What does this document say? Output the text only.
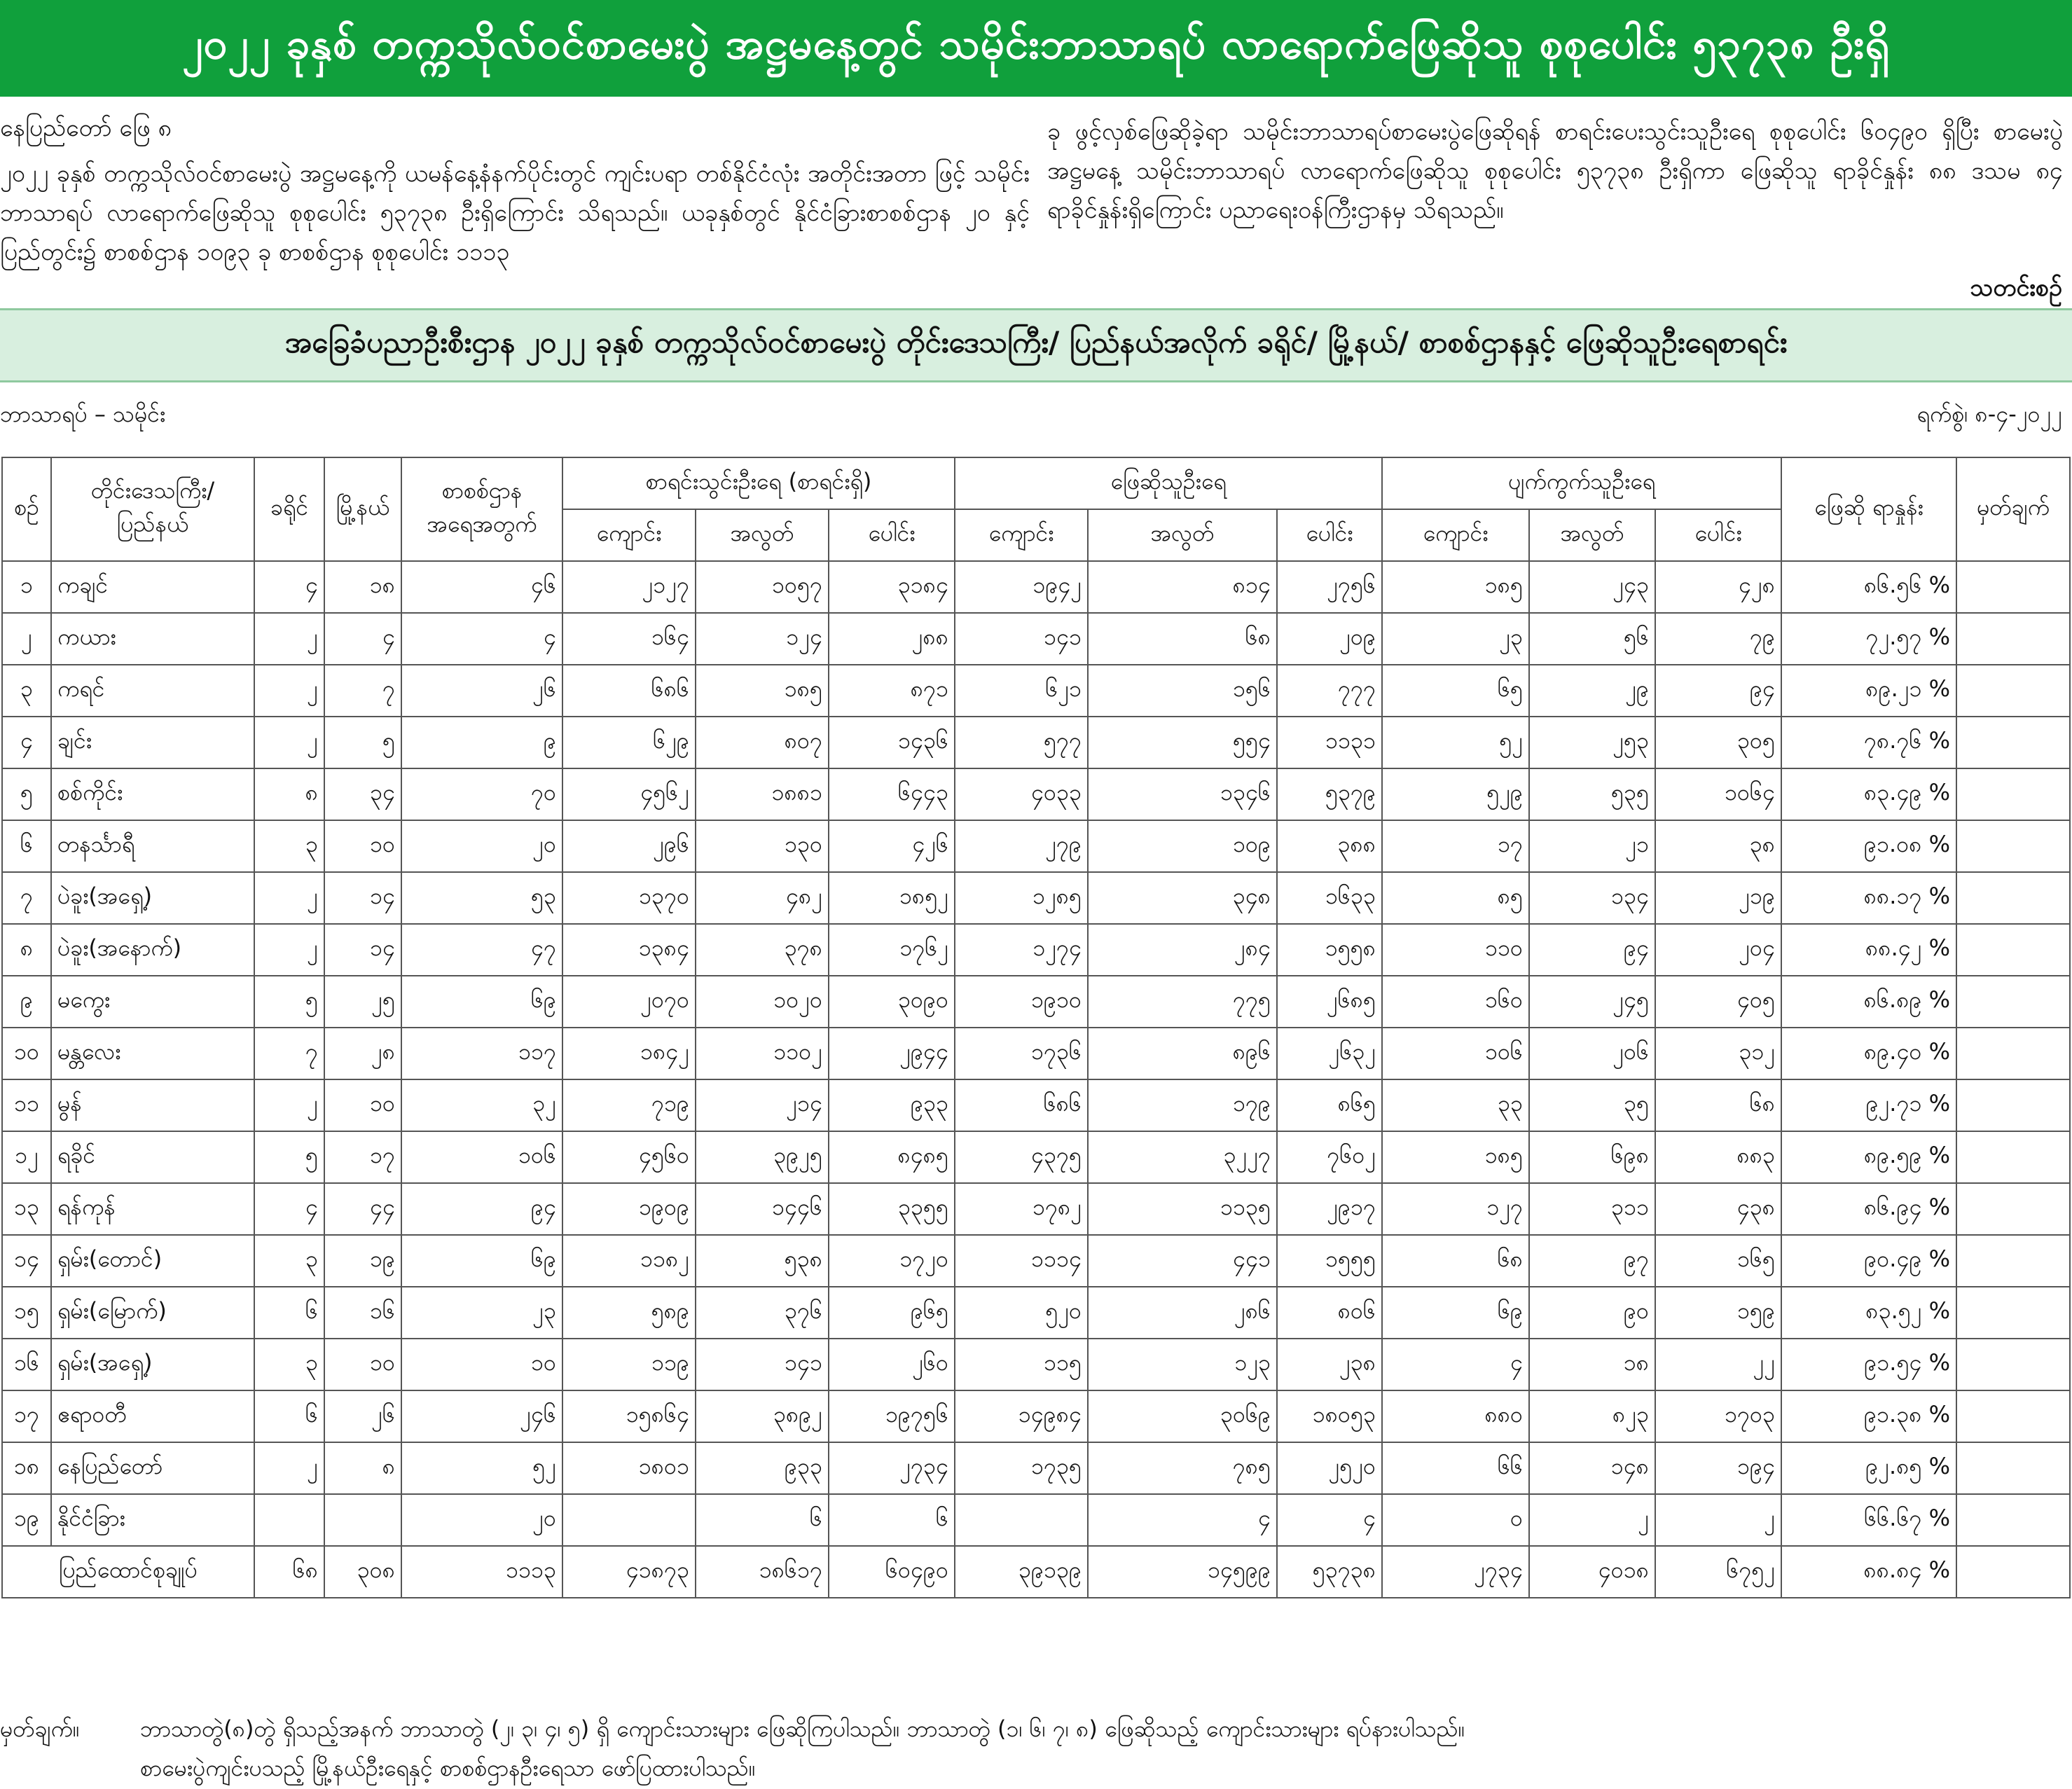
၂၀၂၂ ခုနှစ် တက္ကသိုလ်ဝင်စာမေးပွဲ အဋ္ဌမနေ့တွင် သမိုင်းဘာသာရပ် လာရောက်ဖြေဆိုသူ စုစုပေါင်း ၅၃၇၃၈ ဦးရှိ
နေပြည်တော် ဖြေ ၈
၂၀၂၂ ခုနှစ် တက္ကသိုလ်ဝင်စာမေးပွဲ အဋ္ဌမနေ့ကို ယမန်နေ့နံနက်ပိုင်းတွင် ကျင်းပရာ တစ်နိုင်ငံလုံး အတိုင်းအတာ ဖြင့် သမိုင်းဘာသာရပ် လာရောက်ဖြေဆိုသူ စုစုပေါင်း ၅၃၇၃၈ ဦးရှိကြောင်း သိရသည်။ ယခုနှစ်တွင် နိုင်ငံခြားစာစစ်ဌာန ၂၀ နှင့် ပြည်တွင်း၌ စာစစ်ဌာန ၁၀၉၃ ခု စာစစ်ဌာန စုစုပေါင်း ၁၁၁၃
ခု ဖွင့်လှစ်ဖြေဆိုခဲ့ရာ သမိုင်းဘာသာရပ်စာမေးပွဲဖြေဆိုရန် စာရင်းပေးသွင်းသူဦးရေ စုစုပေါင်း ၆၀၄၉၀ ရှိပြီး စာမေးပွဲ အဋ္ဌမနေ့ သမိုင်းဘာသာရပ် လာရောက်ဖြေဆိုသူ စုစုပေါင်း ၅၃၇၃၈ ဦးရှိကာ ဖြေဆိုသူ ရာခိုင်နှုန်း ၈၈ ဒသမ ၈၄ ရာခိုင်နှုန်းရှိကြောင်း ပညာရေးဝန်ကြီးဌာနမှ သိရသည်။
သတင်းစဉ်
အခြေခံပညာဦးစီးဌာန ၂၀၂၂ ခုနှစ် တက္ကသိုလ်ဝင်စာမေးပွဲ တိုင်းဒေသကြီး/ ပြည်နယ်အလိုက် ခရိုင်/ မြို့နယ်/ စာစစ်ဌာနနှင့် ဖြေဆိုသူဦးရေစာရင်း
ဘာသာရပ် – သမိုင်း	ရက်စွဲ၊ ၈-၄-၂၀၂၂
စဉ်	တိုင်းဒေသကြီး/ ပြည်နယ်	ခရိုင်	မြို့နယ်	စာစစ်ဌာန အရေအတွက်	စာရင်းသွင်းဦးရေ (စာရင်းရှိ)			ဖြေဆိုသူဦးရေ			ပျက်ကွက်သူဦးရေ			ဖြေဆို ရာနှုန်း	မှတ်ချက်
					ကျောင်း	အလွတ်	ပေါင်း	ကျောင်း	အလွတ်	ပေါင်း	ကျောင်း	အလွတ်	ပေါင်း		
၁	ကချင်	၄	၁၈	၄၆	၂၁၂၇	၁၀၅၇	၃၁၈၄	၁၉၄၂	၈၁၄	၂၇၅၆	၁၈၅	၂၄၃	၄၂၈	၈၆.၅၆ %	
၂	ကယား	၂	၄	၄	၁၆၄	၁၂၄	၂၈၈	၁၄၁	၆၈	၂၀၉	၂၃	၅၆	၇၉	၇၂.၅၇ %	
၃	ကရင်	၂	၇	၂၆	၆၈၆	၁၈၅	၈၇၁	၆၂၁	၁၅၆	၇၇၇	၆၅	၂၉	၉၄	၈၉.၂၁ %	
၄	ချင်း	၂	၅	၉	၆၂၉	၈၀၇	၁၄၃၆	၅၇၇	၅၅၄	၁၁၃၁	၅၂	၂၅၃	၃၀၅	၇၈.၇၆ %	
၅	စစ်ကိုင်း	၈	၃၄	၇၀	၄၅၆၂	၁၈၈၁	၆၄၄၃	၄၀၃၃	၁၃၄၆	၅၃၇၉	၅၂၉	၅၃၅	၁၀၆၄	၈၃.၄၉ %	
၆	တနင်္သာရီ	၃	၁၀	၂၀	၂၉၆	၁၃၀	၄၂၆	၂၇၉	၁၀၉	၃၈၈	၁၇	၂၁	၃၈	၉၁.၀၈ %	
၇	ပဲခူး(အရှေ့)	၂	၁၄	၅၃	၁၃၇၀	၄၈၂	၁၈၅၂	၁၂၈၅	၃၄၈	၁၆၃၃	၈၅	၁၃၄	၂၁၉	၈၈.၁၇ %	
၈	ပဲခူး(အနောက်)	၂	၁၄	၄၇	၁၃၈၄	၃၇၈	၁၇၆၂	၁၂၇၄	၂၈၄	၁၅၅၈	၁၁၀	၉၄	၂၀၄	၈၈.၄၂ %	
၉	မကွေး	၅	၂၅	၆၉	၂၀၇၀	၁၀၂၀	၃၀၉၀	၁၉၁၀	၇၇၅	၂၆၈၅	၁၆၀	၂၄၅	၄၀၅	၈၆.၈၉ %	
၁၀	မန္တလေး	၇	၂၈	၁၁၇	၁၈၄၂	၁၁၀၂	၂၉၄၄	၁၇၃၆	၈၉၆	၂၆၃၂	၁၀၆	၂၀၆	၃၁၂	၈၉.၄၀ %	
၁၁	မွန်	၂	၁၀	၃၂	၇၁၉	၂၁၄	၉၃၃	၆၈၆	၁၇၉	၈၆၅	၃၃	၃၅	၆၈	၉၂.၇၁ %	
၁၂	ရခိုင်	၅	၁၇	၁၀၆	၄၅၆၀	၃၉၂၅	၈၄၈၅	၄၃၇၅	၃၂၂၇	၇၆၀၂	၁၈၅	၆၉၈	၈၈၃	၈၉.၅၉ %	
၁၃	ရန်ကုန်	၄	၄၄	၉၄	၁၉၀၉	၁၄၄၆	၃၃၅၅	၁၇၈၂	၁၁၃၅	၂၉၁၇	၁၂၇	၃၁၁	၄၃၈	၈၆.၉၄ %	
၁၄	ရှမ်း(တောင်)	၃	၁၉	၆၉	၁၁၈၂	၅၃၈	၁၇၂၀	၁၁၁၄	၄၄၁	၁၅၅၅	၆၈	၉၇	၁၆၅	၉၀.၄၉ %	
၁၅	ရှမ်း(မြောက်)	၆	၁၆	၂၃	၅၈၉	၃၇၆	၉၆၅	၅၂၀	၂၈၆	၈၀၆	၆၉	၉၀	၁၅၉	၈၃.၅၂ %	
၁၆	ရှမ်း(အရှေ့)	၃	၁၀	၁၀	၁၁၉	၁၄၁	၂၆၀	၁၁၅	၁၂၃	၂၃၈	၄	၁၈	၂၂	၉၁.၅၄ %	
၁၇	ဧရာဝတီ	၆	၂၆	၂၄၆	၁၅၈၆၄	၃၈၉၂	၁၉၇၅၆	၁၄၉၈၄	၃၀၆၉	၁၈၀၅၃	၈၈၀	၈၂၃	၁၇၀၃	၉၁.၃၈ %	
၁၈	နေပြည်တော်	၂	၈	၅၂	၁၈၀၁	၉၃၃	၂၇၃၄	၁၇၃၅	၇၈၅	၂၅၂၀	၆၆	၁၄၈	၁၉၄	၉၂.၈၅ %	
၁၉	နိုင်ငံခြား			၂၀		၆	၆		၄	၄	၀	၂	၂	၆၆.၆၇ %	
ပြည်ထောင်စုချုပ်		၆၈	၃၀၈	၁၁၁၃	၄၁၈၇၃	၁၈၆၁၇	၆၀၄၉၀	၃၉၁၃၉	၁၄၅၉၉	၅၃၇၃၈	၂၇၃၄	၄၀၁၈	၆၇၅၂	၈၈.၈၄ %	
မှတ်ချက်။	ဘာသာတွဲ(၈)တွဲ ရှိသည့်အနက် ဘာသာတွဲ (၂၊ ၃၊ ၄၊ ၅) ရှိ ကျောင်းသားများ ဖြေဆိုကြပါသည်။ ဘာသာတွဲ (၁၊ ၆၊ ၇၊ ၈) ဖြေဆိုသည့် ကျောင်းသားများ ရပ်နားပါသည်။
စာမေးပွဲကျင်းပသည့် မြို့နယ်ဦးရေနှင့် စာစစ်ဌာနဦးရေသာ ဖော်ပြထားပါသည်။
